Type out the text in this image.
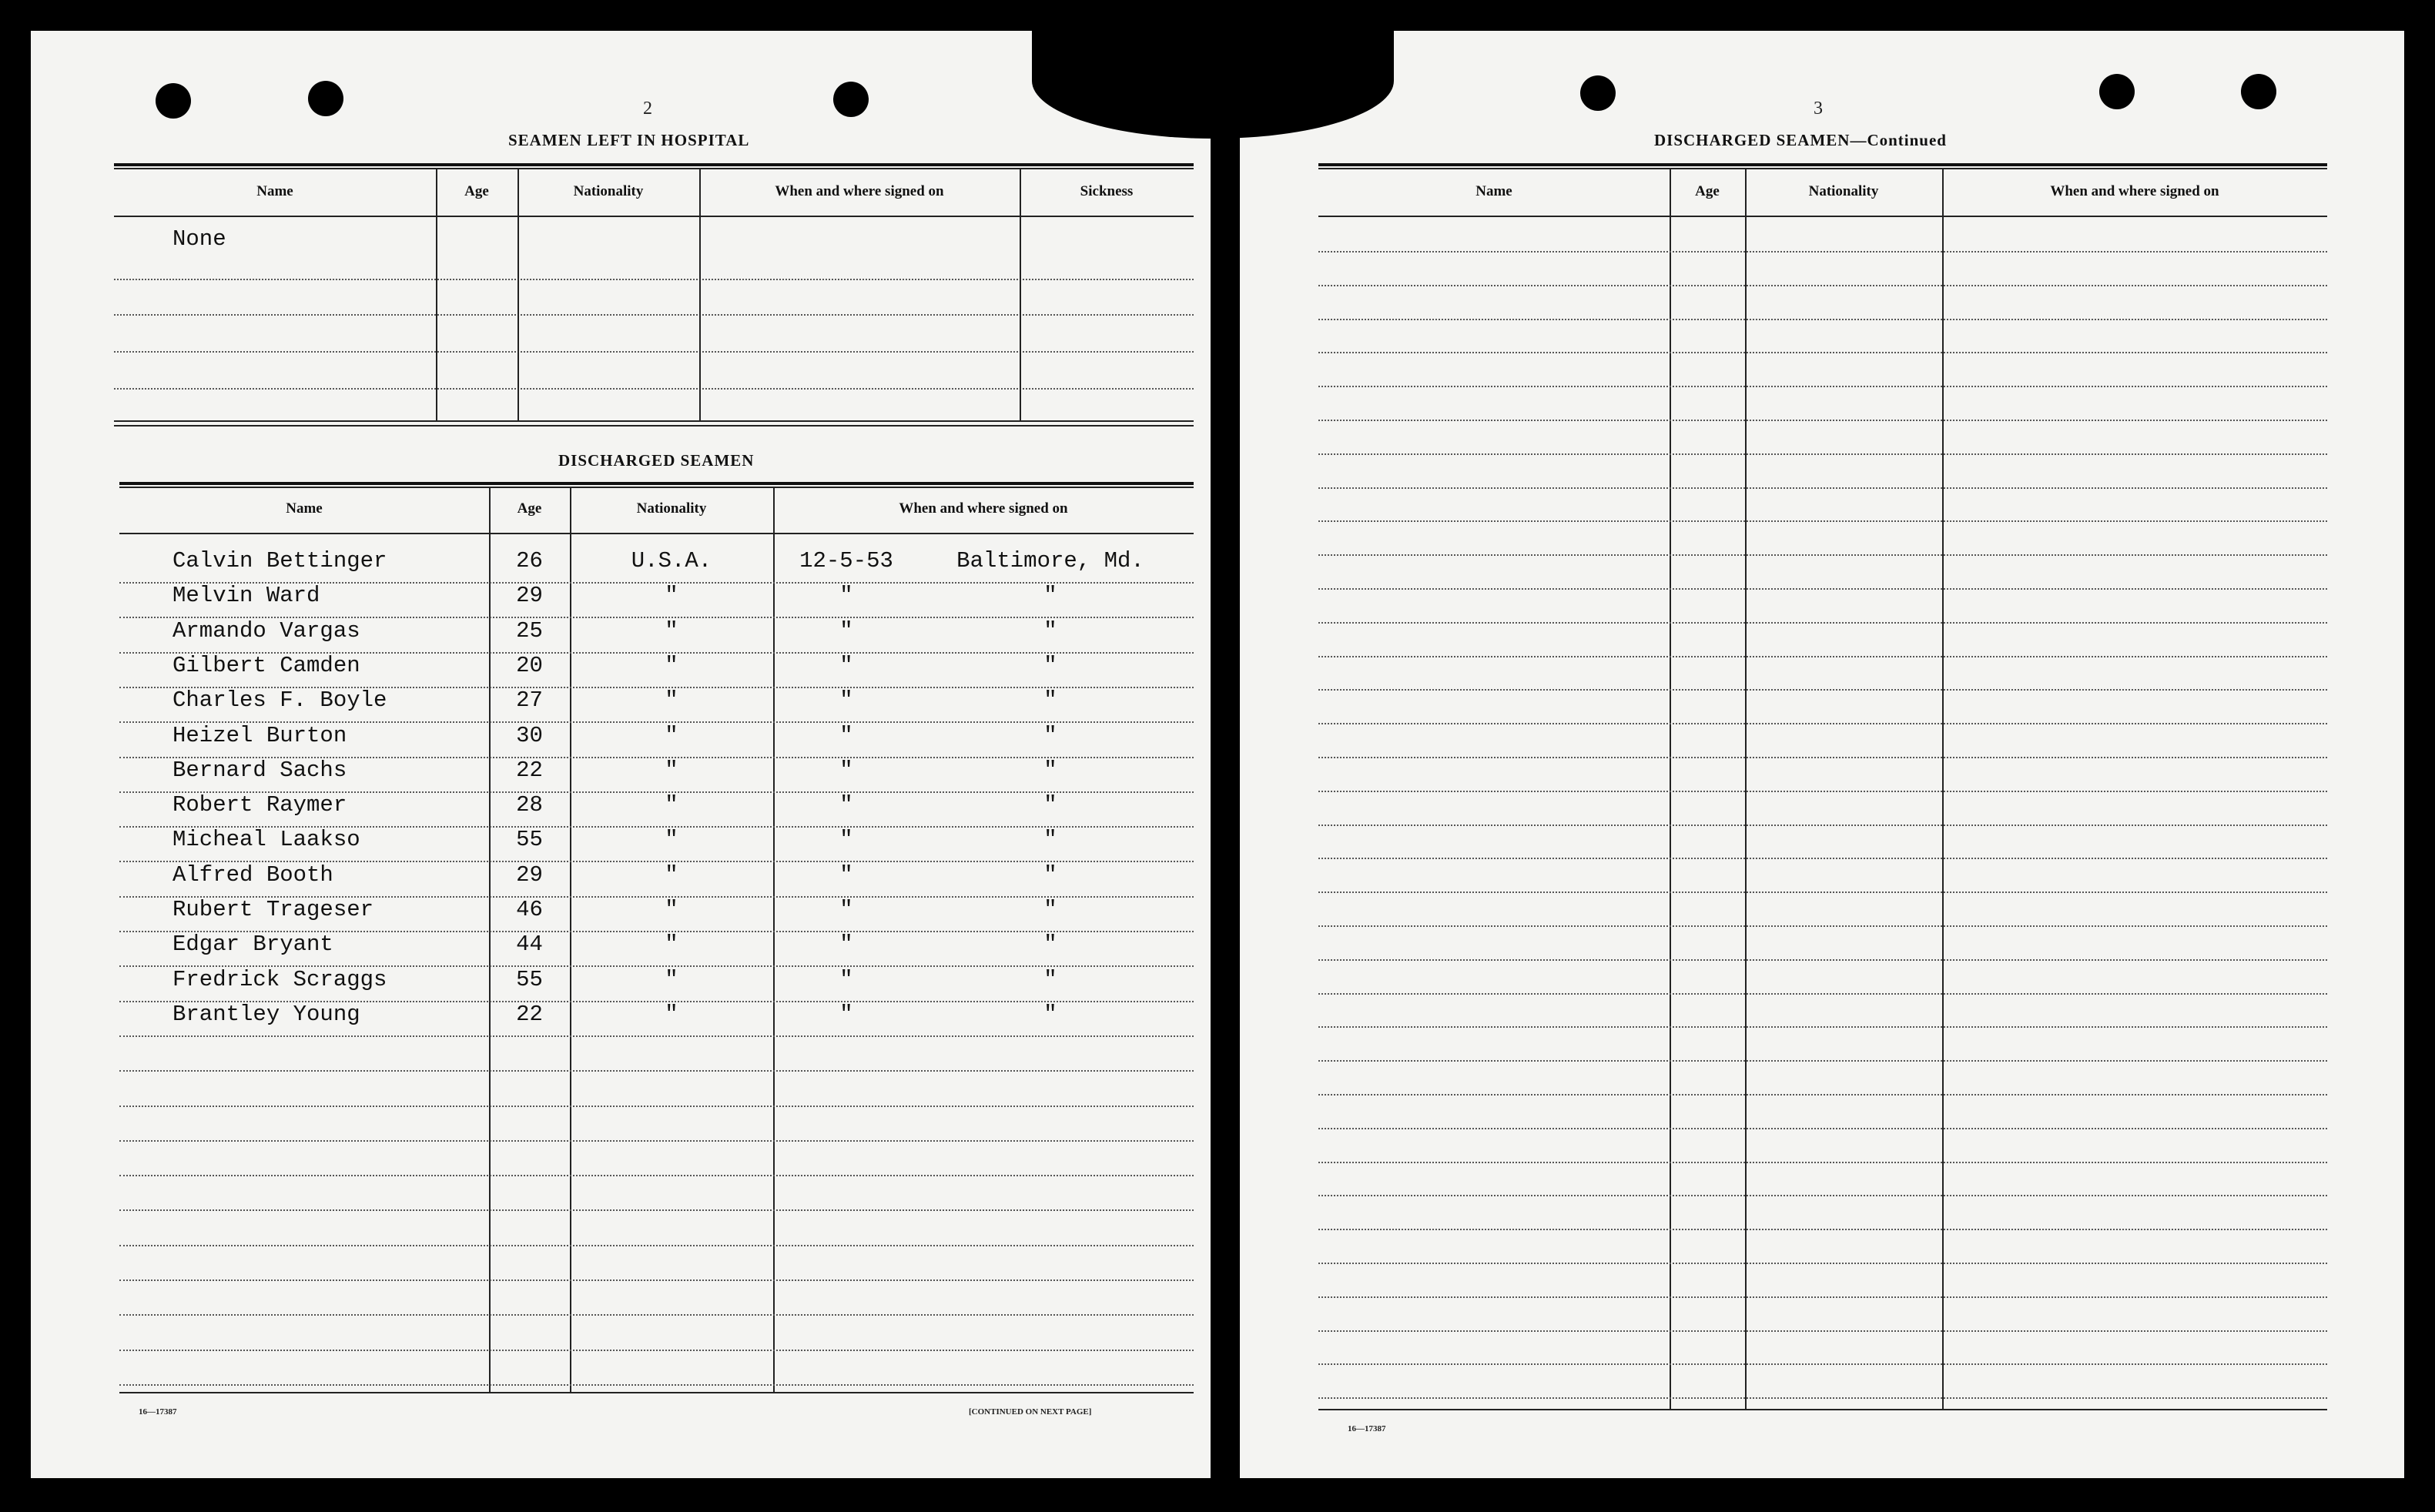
2
SEAMEN LEFT IN HOSPITAL
Name	Age	Nationality	When and where signed on	Sickness
None
DISCHARGED SEAMEN
Name	Age	Nationality	When and where signed on
Calvin Bettinger	26	U.S.A.	12-5-53	Baltimore, Md.
Melvin Ward	29	"	"	"
Armando Vargas	25	"	"	"
Gilbert Camden	20	"	"	"
Charles F. Boyle	27	"	"	"
Heizel Burton	30	"	"	"
Bernard Sachs	22	"	"	"
Robert Raymer	28	"	"	"
Micheal Laakso	55	"	"	"
Alfred Booth	29	"	"	"
Rubert Trageser	46	"	"	"
Edgar Bryant	44	"	"	"
Fredrick Scraggs	55	"	"	"
Brantley Young	22	"	"	"
16—17387	[CONTINUED ON NEXT PAGE]
3
DISCHARGED SEAMEN—Continued
Name	Age	Nationality	When and where signed on
16—17387
